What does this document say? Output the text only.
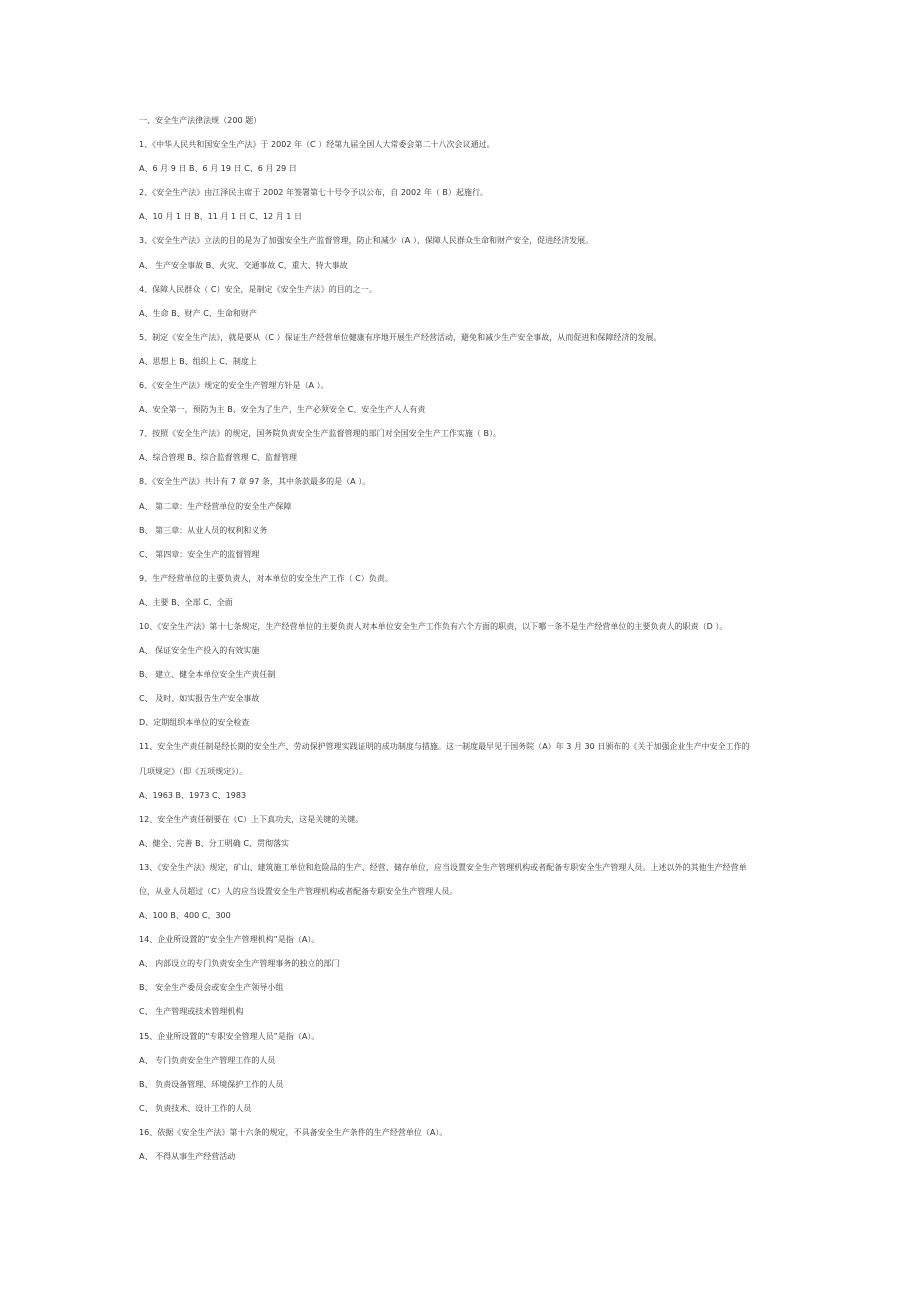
一、安全生产法律法规（200 题）
1、《中华人民共和国安全生产法》于 2002 年（C ）经第九届全国人大常委会第二十八次会议通过。
A、6 月 9 日 B、6 月 19 日 C、6 月 29 日
2、《安全生产法》由江泽民主席于 2002 年签署第七十号令予以公布，自 2002 年（ B）起施行。
A、10 月 1 日 B、11 月 1 日 C、12 月 1 日
3、《安全生产法》立法的目的是为了加强安全生产监督管理，防止和减少（A ），保障人民群众生命和财产安全，促进经济发展。
A、 生产安全事故 B、火灾、交通事故 C、重大、特大事故
4、保障人民群众（ C）安全，是制定《安全生产法》的目的之一。
A、生命 B、财产 C、生命和财产
5、制定《安全生产法》，就是要从（C ）保证生产经营单位健康有序地开展生产经营活动，避免和减少生产安全事故，从而促进和保障经济的发展。
A、思想上 B、组织上 C、制度上
6、《安全生产法》规定的安全生产管理方针是（A ）。
A、安全第一，预防为主 B、安全为了生产，生产必须安全 C、安全生产人人有责
7、按照《安全生产法》的规定，国务院负责安全生产监督管理的部门对全国安全生产工作实施（ B）。
A、综合管理 B、综合监督管理 C、监督管理
8、《安全生产法》共计有 7 章 97 条，其中条款最多的是（A ）。
A、 第二章：生产经营单位的安全生产保障
B、 第三章：从业人员的权利和义务
C、 第四章：安全生产的监督管理
9、生产经营单位的主要负责人，对本单位的安全生产工作（ C）负责。
A、主要 B、全部 C、全面
10、《安全生产法》第十七条规定，生产经营单位的主要负责人对本单位安全生产工作负有六个方面的职责，以下哪一条不是生产经营单位的主要负责人的职责（D ）。
A、 保证安全生产投入的有效实施
B、 建立、健全本单位安全生产责任制
C、 及时、如实报告生产安全事故
D、定期组织本单位的安全检查
11、安全生产责任制是经长期的安全生产、劳动保护管理实践证明的成功制度与措施。这一制度最早见于国务院（A）年 3 月 30 日颁布的《关于加强企业生产中安全工作的
几项规定》（即《五项规定》）。
A、1963 B、1973 C、1983
12、安全生产责任制要在（C）上下真功夫，这是关键的关键。
A、健全、完善 B、分工明确 C、贯彻落实
13、《安全生产法》规定，矿山、建筑施工单位和危险品的生产、经营、储存单位，应当设置安全生产管理机构或者配备专职安全生产管理人员。上述以外的其他生产经营单
位，从业人员超过（C）人的应当设置安全生产管理机构或者配备专职安全生产管理人员。
A、100 B、400 C、300
14、企业所设置的“安全生产管理机构”是指（A）。
A、 内部设立的专门负责安全生产管理事务的独立的部门
B、 安全生产委员会或安全生产领导小组
C、 生产管理或技术管理机构
15、企业所设置的“专职安全管理人员”是指（A）。
A、 专门负责安全生产管理工作的人员
B、 负责设备管理、环境保护工作的人员
C、 负责技术、设计工作的人员
16、依据《安全生产法》第十六条的规定，不具备安全生产条件的生产经营单位（A）。
A、 不得从事生产经营活动
